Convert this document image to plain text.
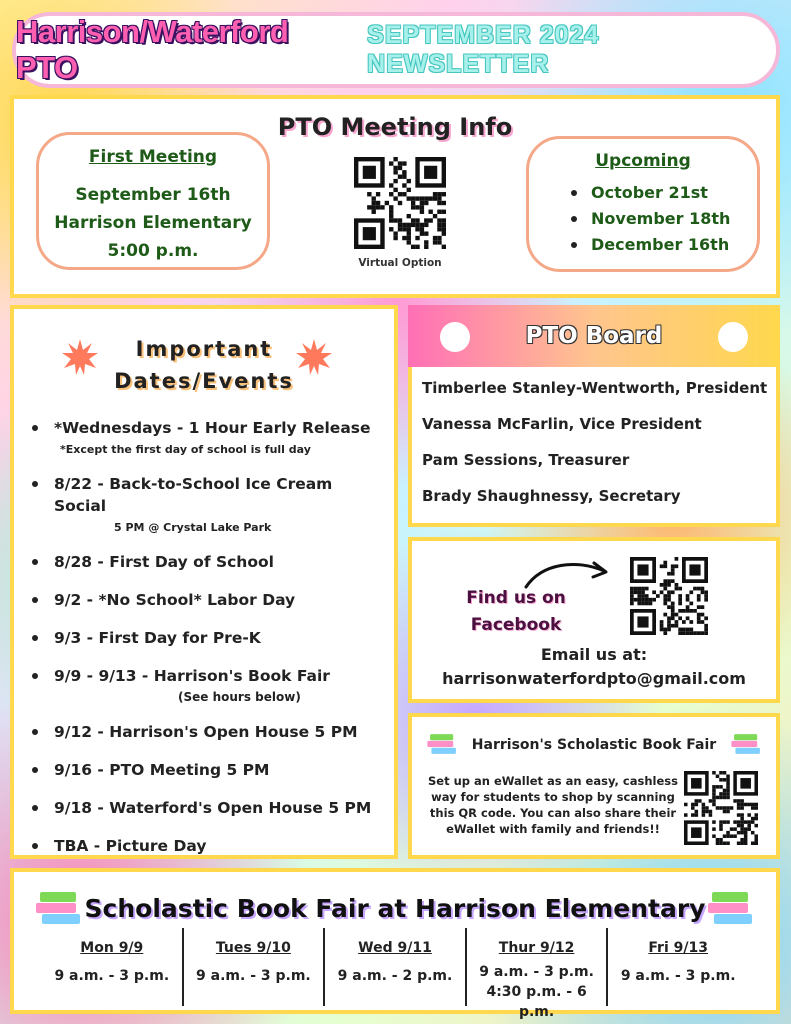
Harrison/Waterford PTO
SEPTEMBER 2024 NEWSLETTER
PTO Meeting Info
First Meeting
September 16th
Harrison Elementary
5:00 p.m.
Virtual Option
Upcoming
October 21st
November 18th
December 16th
Important
Dates/Events
*Wednesdays - 1 Hour Early Release
*Except the first day of school is full day
8/22 - Back-to-School Ice Cream Social
5 PM @ Crystal Lake Park
8/28 - First Day of School
9/2 - *No School* Labor Day
9/3 - First Day for Pre-K
9/9 - 9/13 - Harrison's Book Fair
(See hours below)
9/12 - Harrison's Open House 5 PM
9/16 - PTO Meeting 5 PM
9/18 - Waterford's Open House 5 PM
TBA - Picture Day
PTO Board
Timberlee Stanley-Wentworth, President
Vanessa McFarlin, Vice President
Pam Sessions, Treasurer
Brady Shaughnessy, Secretary
Find us on
Facebook
Email us at:
harrisonwaterfordpto@gmail.com
Harrison's Scholastic Book Fair
Set up an eWallet as an easy, cashless way for students to shop by scanning this QR code. You can also share their eWallet with family and friends!!
Scholastic Book Fair at Harrison Elementary
Mon 9/9
9 a.m. - 3 p.m.
Tues 9/10
9 a.m. - 3 p.m.
Wed 9/11
9 a.m. - 2 p.m.
Thur 9/12
9 a.m. - 3 p.m.
4:30 p.m. - 6 p.m.
Fri 9/13
9 a.m. - 3 p.m.
